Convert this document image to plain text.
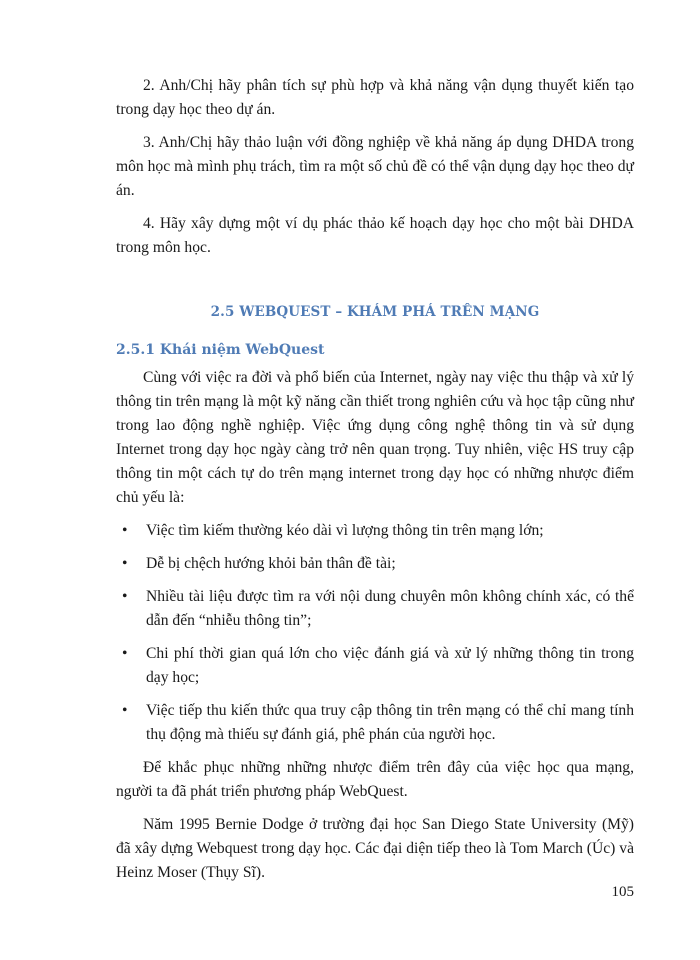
2. Anh/Chị hãy phân tích sự phù hợp và khả năng vận dụng thuyết kiến tạo trong dạy học theo dự án.

3. Anh/Chị hãy thảo luận với đồng nghiệp về khả năng áp dụng DHDA trong môn học mà mình phụ trách, tìm ra một số chủ đề có thể vận dụng dạy học theo dự án.

4. Hãy xây dựng một ví dụ phác thảo kế hoạch dạy học cho một bài DHDA trong môn học.

2.5 WEBQUEST – KHÁM PHÁ TRÊN MẠNG
2.5.1 Khái niệm WebQuest

Cùng với việc ra đời và phổ biến của Internet, ngày nay việc thu thập và xử lý thông tin trên mạng là một kỹ năng cần thiết trong nghiên cứu và học tập cũng như trong lao động nghề nghiệp. Việc ứng dụng công nghệ thông tin và sử dụng Internet trong dạy học ngày càng trở nên quan trọng. Tuy nhiên, việc HS truy cập thông tin một cách tự do trên mạng internet trong dạy học có những nhược điểm chủ yếu là:

• Việc tìm kiếm thường kéo dài vì lượng thông tin trên mạng lớn;
• Dễ bị chệch hướng khỏi bản thân đề tài;
• Nhiều tài liệu được tìm ra với nội dung chuyên môn không chính xác, có thể dẫn đến “nhiễu thông tin”;
• Chi phí thời gian quá lớn cho việc đánh giá và xử lý những thông tin trong dạy học;
• Việc tiếp thu kiến thức qua truy cập thông tin trên mạng có thể chỉ mang tính thụ động mà thiếu sự đánh giá, phê phán của người học.

Để khắc phục những những nhược điểm trên đây của việc học qua mạng, người ta đã phát triển phương pháp WebQuest.

Năm 1995 Bernie Dodge ở trường đại học San Diego State University (Mỹ) đã xây dựng Webquest trong dạy học. Các đại diện tiếp theo là Tom March (Úc) và Heinz Moser (Thụy Sĩ).

105
